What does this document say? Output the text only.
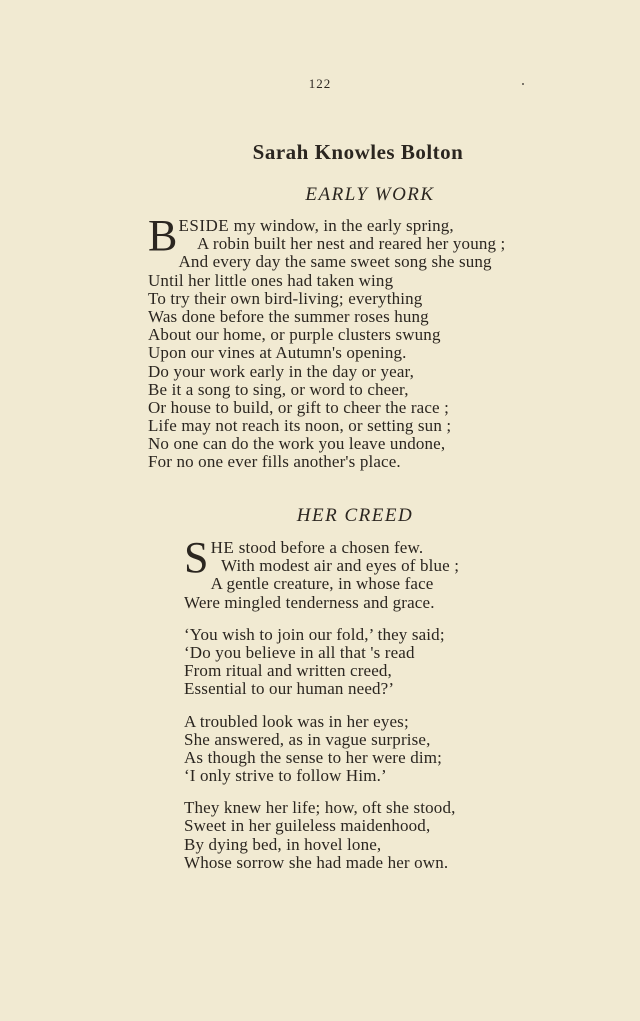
122
Sarah Knowles Bolton
EARLY WORK
BESIDE my window, in the early spring,
A robin built her nest and reared her young ;
And every day the same sweet song she sung
Until her little ones had taken wing
To try their own bird-living; everything
Was done before the summer roses hung
About our home, or purple clusters swung
Upon our vines at Autumn's opening.
Do your work early in the day or year,
Be it a song to sing, or word to cheer,
Or house to build, or gift to cheer the race ;
Life may not reach its noon, or setting sun ;
No one can do the work you leave undone,
For no one ever fills another's place.
HER CREED
SHE stood before a chosen few.
With modest air and eyes of blue ;
A gentle creature, in whose face
Were mingled tenderness and grace.
‘You wish to join our fold,’ they said;
‘Do you believe in all that 's read
From ritual and written creed,
Essential to our human need?’
A troubled look was in her eyes;
She answered, as in vague surprise,
As though the sense to her were dim;
‘I only strive to follow Him.’
They knew her life; how, oft she stood,
Sweet in her guileless maidenhood,
By dying bed, in hovel lone,
Whose sorrow she had made her own.
